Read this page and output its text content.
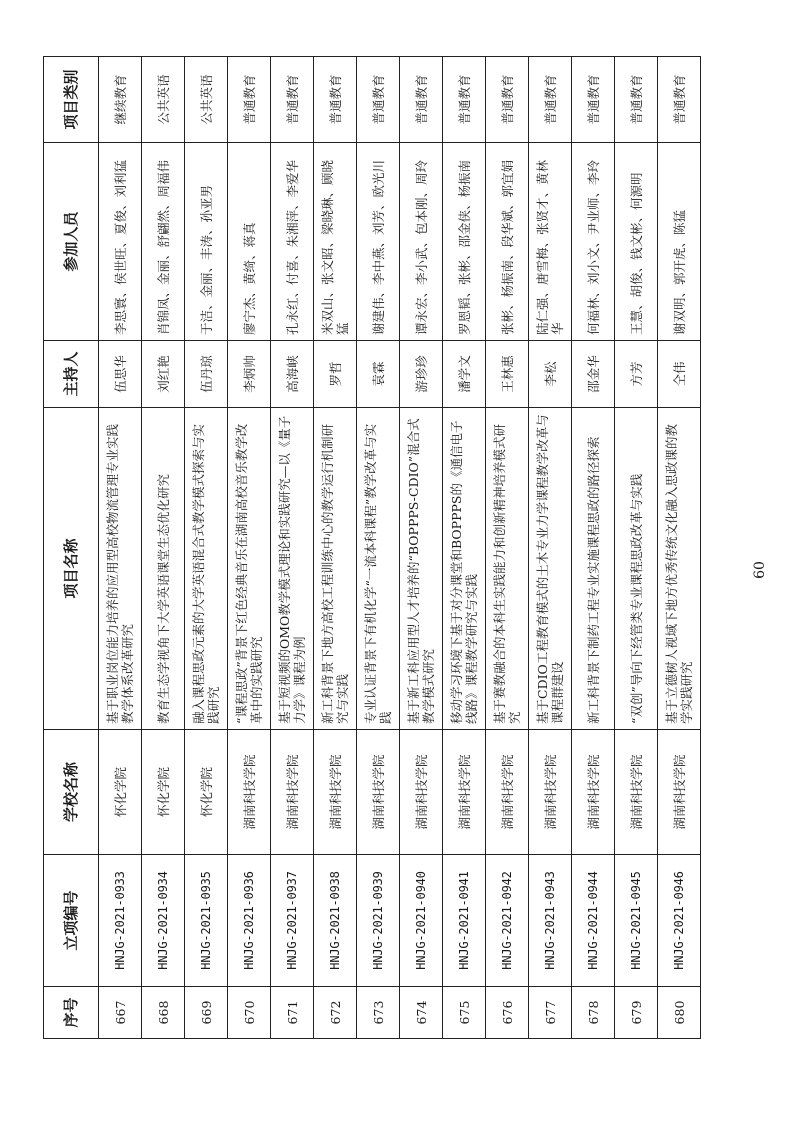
序号	立项编号	学校名称	项目名称	主持人	参加人员	项目类别
667	HNJG-2021-0933	怀化学院	基于职业岗位能力培养的应用型高校物流管理专业实践教学体系改革研究	伍思华	李思寰、侯世旺、夏俊、刘利猛	继续教育
668	HNJG-2021-0934	怀化学院	教育生态学视角下大学英语课堂生态优化研究	刘红艳	肖锦凤、金丽、舒翩然、周福伟	公共英语
669	HNJG-2021-0935	怀化学院	融入课程思政元素的大学英语混合式教学模式探索与实践研究	伍丹琼	于洁、金丽、丰涛、孙亚男	公共英语
670	HNJG-2021-0936	湖南科技学院	“课程思政”背景下红色经典音乐在湖南高校音乐教学改革中的实践研究	李炳帅	廖宁杰、黄绮、蒋真	普通教育
671	HNJG-2021-0937	湖南科技学院	基于短视频的OMO教学模式理论和实践研究—以《量子力学》课程为例	高海峡	孔永红、付喜、朱湘萍、李爱华	普通教育
672	HNJG-2021-0938	湖南科技学院	新工科背景下地方高校工程训练中心的教学运行机制研究与实践	罗哲	米双山、张文昭、梁晓琳、顾晓猛	普通教育
673	HNJG-2021-0939	湖南科技学院	专业认证背景下有机化学“一流本科课程”教学改革与实践	袁霖	谢建伟、李中燕、刘芳、欧光川	普通教育
674	HNJG-2021-0940	湖南科技学院	基于新工科应用型人才培养的“BOPPPS-CDIO”混合式教学模式研究	游珍珍	谭永宏、李小武、包本刚、周玲	普通教育
675	HNJG-2021-0941	湖南科技学院	移动学习环境下基于对分课堂和BOPPPS的《通信电子线路》课程教学研究与实践	潘学文	罗恩韬、张彬、邵金侠、杨振南	普通教育
676	HNJG-2021-0942	湖南科技学院	基于赛教融合的本科生实践能力和创新精神培养模式研究	王林惠	张彬、杨振南、段华斌、郭宜娟	普通教育
677	HNJG-2021-0943	湖南科技学院	基于CDIO工程教育模式的土木专业力学课程教学改革与课程群建设	李松	陆仁强、唐雪梅、张贤才、黄林华	普通教育
678	HNJG-2021-0944	湖南科技学院	新工科背景下制药工程专业实施课程思政的路径探索	邵金华	何福林、刘小文、尹业师、李玲	普通教育
679	HNJG-2021-0945	湖南科技学院	“双创”导向下经管类专业课程思政改革与实践	方芳	王慧、胡俊、钱文彬、何源明	普通教育
680	HNJG-2021-0946	湖南科技学院	基于立德树人视域下地方优秀传统文化融入思政课的教学实践研究	仝伟	谢双明、郭开虎、陈猛	普通教育
60
